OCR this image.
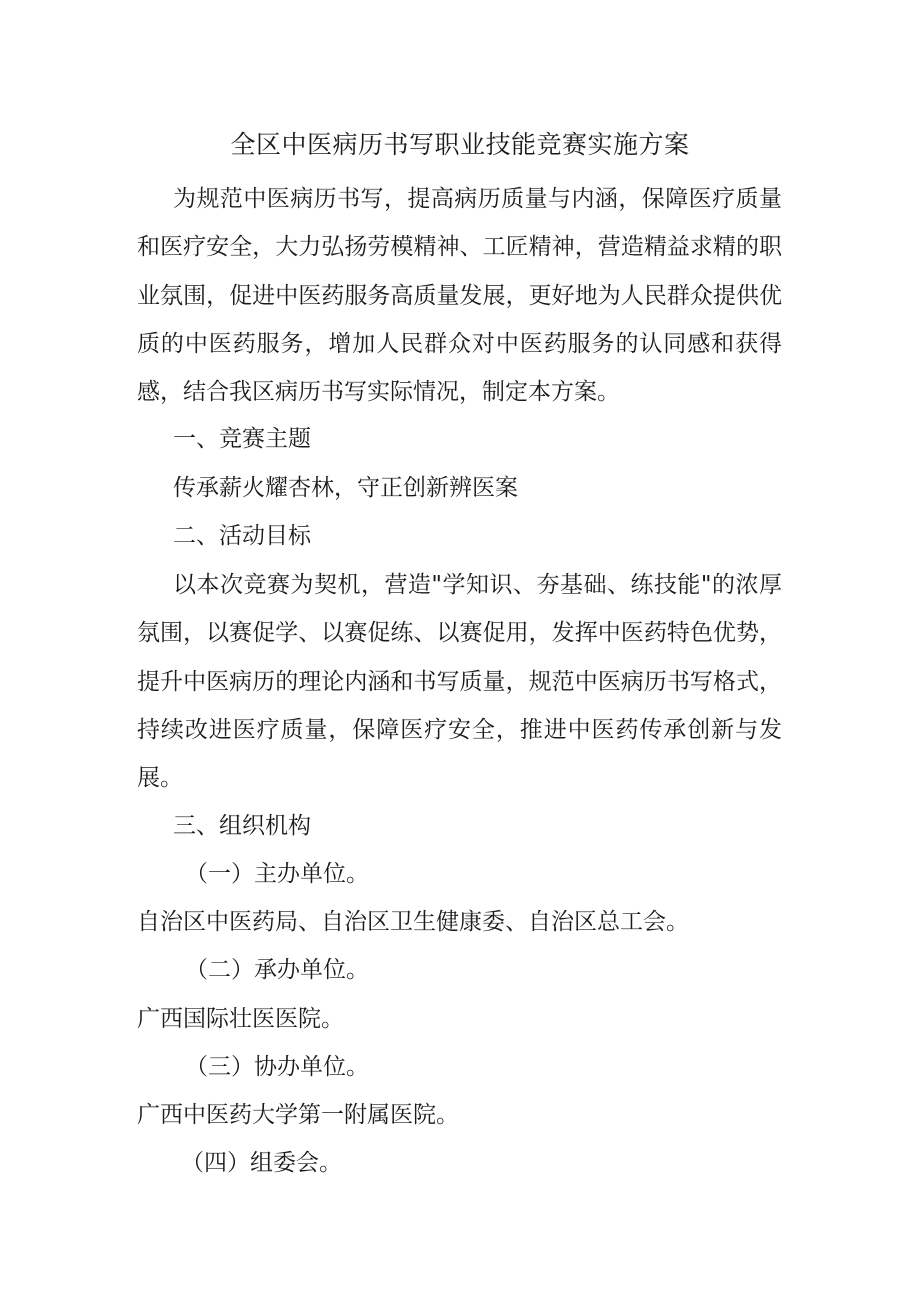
全区中医病历书写职业技能竞赛实施方案

为规范中医病历书写，提高病历质量与内涵，保障医疗质量和医疗安全，大力弘扬劳模精神、工匠精神，营造精益求精的职业氛围，促进中医药服务高质量发展，更好地为人民群众提供优质的中医药服务，增加人民群众对中医药服务的认同感和获得感，结合我区病历书写实际情况，制定本方案。

一、竞赛主题

传承薪火耀杏林，守正创新辨医案

二、活动目标

以本次竞赛为契机，营造"学知识、夯基础、练技能"的浓厚氛围，以赛促学、以赛促练、以赛促用，发挥中医药特色优势，提升中医病历的理论内涵和书写质量，规范中医病历书写格式，持续改进医疗质量，保障医疗安全，推进中医药传承创新与发展。

三、组织机构

（一）主办单位。

自治区中医药局、自治区卫生健康委、自治区总工会。

（二）承办单位。

广西国际壮医医院。

（三）协办单位。

广西中医药大学第一附属医院。

（四）组委会。
